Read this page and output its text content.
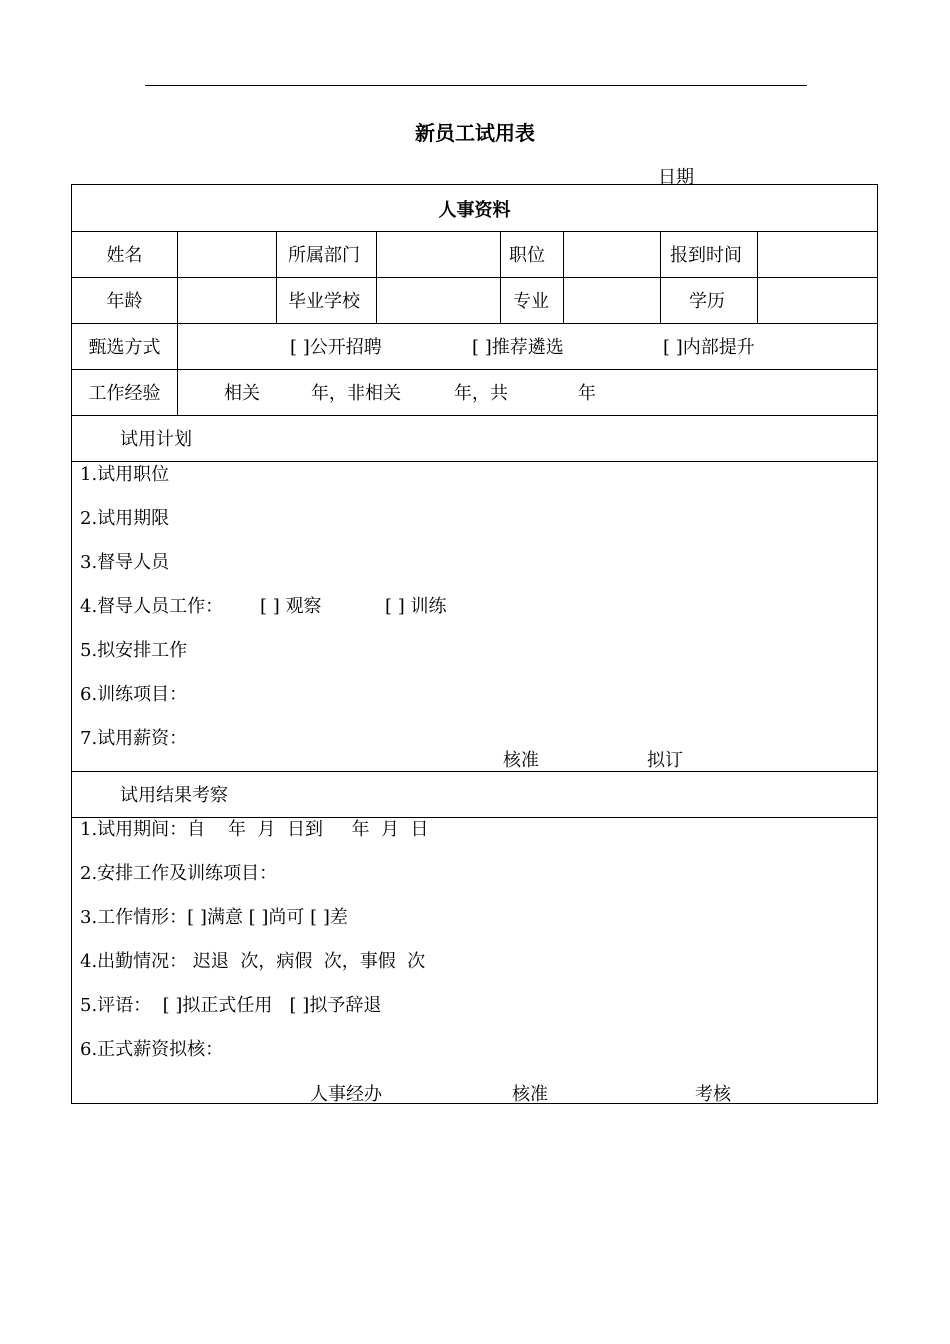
新员工试用表
日期
人事资料
姓名	所属部门	职位	报到时间
年龄	毕业学校	专业	学历
甄选方式	[ ]公开招聘	[ ]推荐遴选	[ ]内部提升
工作经验	相关	年，非相关	年，共	年
试用计划
1.试用职位
2.试用期限
3.督导人员
4.督导人员工作： [ ] 观察	[ ] 训练
5.拟安排工作
6.训练项目：
7.试用薪资：
核准	拟订
试用结果考察
1.试用期间：自    年  月  日到     年  月  日
2.安排工作及训练项目：
3.工作情形：[ ]满意 [ ]尚可 [ ]差
4.出勤情况： 迟退  次，病假  次，事假  次
5.评语：  [ ]拟正式任用   [ ]拟予辞退
6.正式薪资拟核：
人事经办	核准	考核
